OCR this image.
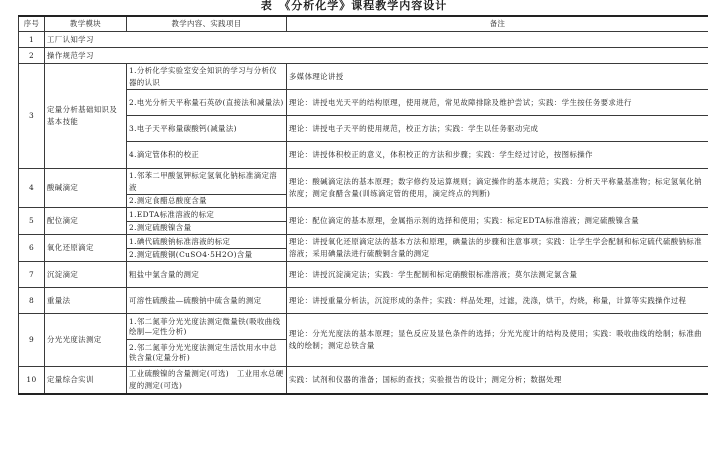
表　《分析化学》课程教学内容设计
序号	教学模块	教学内容、实践项目	备注
1	工厂认知学习		
2	操作规范学习		
3	定量分析基础知识及基本技能	1.分析化学实验室安全知识的学习与分析仪器的认识	多媒体理论讲授
		2.电光分析天平称量石英砂(直接法和减量法)	理论：讲授电光天平的结构原理，使用规范，常见故障排除及维护尝试；实践：学生按任务要求进行
		3.电子天平称量碳酸钙(减量法)	理论：讲授电子天平的使用规范，校正方法；实践：学生以任务驱动完成
		4.滴定管体积的校正	理论：讲授体积校正的意义，体积校正的方法和步骤；实践：学生经过讨论，按图标操作
4	酸碱滴定	1.邻苯二甲酸氢钾标定氢氧化钠标准滴定溶液	理论：酸碱滴定法的基本原理；数字修约及运算规则；滴定操作的基本规范；实践：分析天平称量基准物；标定氢氧化钠浓度；测定食醋含量(训练滴定管的使用，滴定终点的判断)
		2.测定食醋总酸度含量	
5	配位滴定	1.EDTA标准溶液的标定	理论：配位滴定的基本原理，金属指示剂的选择和使用；实践：标定EDTA标准溶液；测定硫酸镍含量
		2.测定硫酸镍含量	
6	氧化还原滴定	1.碘代硫酸钠标准溶液的标定	理论：讲授氧化还原滴定法的基本方法和原理，碘量法的步骤和注意事项；实践：让学生学会配制和标定硫代硫酸钠标准溶液；采用碘量法进行硫酸铜含量的测定
		2.测定硫酸铜(CuSO4·5H2O)含量	
7	沉淀滴定	粗盐中氯含量的测定	理论：讲授沉淀滴定法；实践：学生配制和标定硝酸银标准溶液；莫尔法测定氯含量
8	重量法	可溶性硫酸盐—硫酸钠中硫含量的测定	理论：讲授重量分析法，沉淀形成的条件；实践：样品处理，过滤，洗涤，烘干，灼烧，称量，计算等实践操作过程
9	分光光度法测定	1.邻二氮菲分光光度法测定微量铁(吸收曲线绘制—定性分析)	理论：分光光度法的基本原理；显色反应及显色条件的选择；分光光度计的结构及使用；实践：吸收曲线的绘制；标准曲线的绘制；测定总铁含量
		2.邻二氮菲分光光度法测定生活饮用水中总铁含量(定量分析)	
10	定量综合实训	工业硫酸镍的含量测定(可选)　工业用水总硬度的测定(可选)	实践：试剂和仪器的准备；国标的查找；实验报告的设计；测定分析；数据处理
